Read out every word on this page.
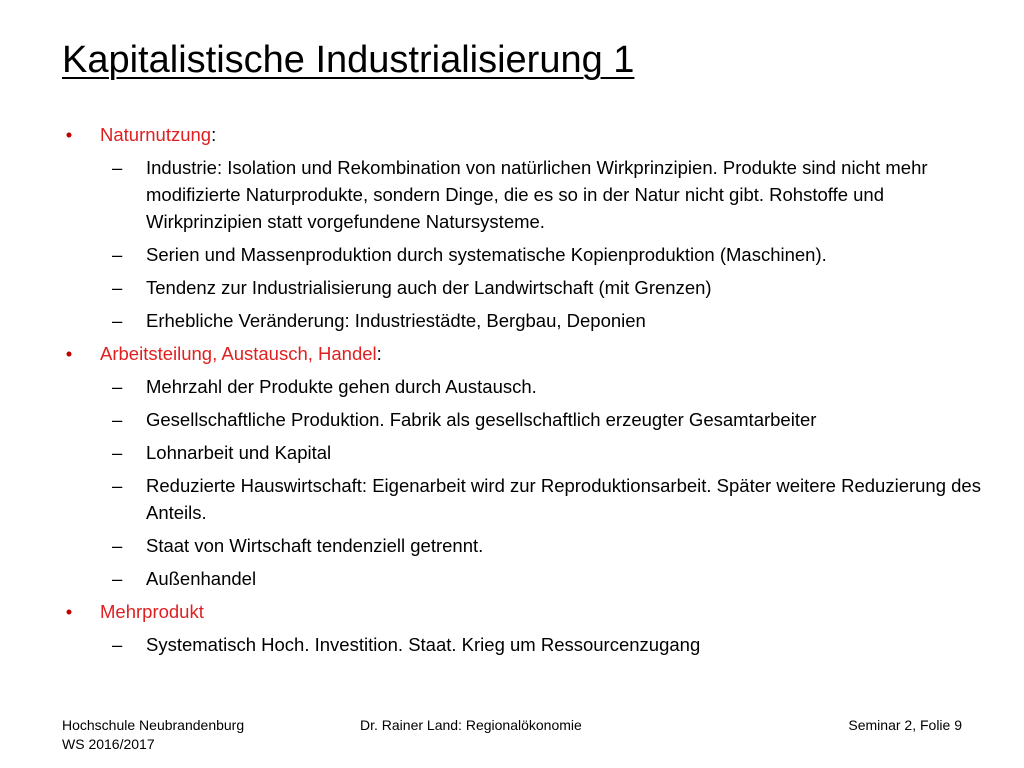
Kapitalistische Industrialisierung 1
• Naturnutzung:
– Industrie: Isolation und Rekombination von natürlichen Wirkprinzipien. Produkte sind nicht mehr modifizierte Naturprodukte, sondern Dinge, die es so in der Natur nicht gibt. Rohstoffe und Wirkprinzipien statt vorgefundene Natursysteme.
– Serien und Massenproduktion durch systematische Kopienproduktion (Maschinen).
– Tendenz zur Industrialisierung auch der Landwirtschaft (mit Grenzen)
– Erhebliche Veränderung: Industriestädte, Bergbau, Deponien
• Arbeitsteilung, Austausch, Handel:
– Mehrzahl der Produkte gehen durch Austausch.
– Gesellschaftliche Produktion. Fabrik als gesellschaftlich erzeugter Gesamtarbeiter
– Lohnarbeit und Kapital
– Reduzierte Hauswirtschaft: Eigenarbeit wird zur Reproduktionsarbeit. Später weitere Reduzierung des Anteils.
– Staat von Wirtschaft tendenziell getrennt.
– Außenhandel
• Mehrprodukt
– Systematisch Hoch. Investition. Staat. Krieg um Ressourcenzugang
Hochschule Neubrandenburg
WS 2016/2017
Dr. Rainer Land: Regionalökonomie	Seminar 2, Folie 9
